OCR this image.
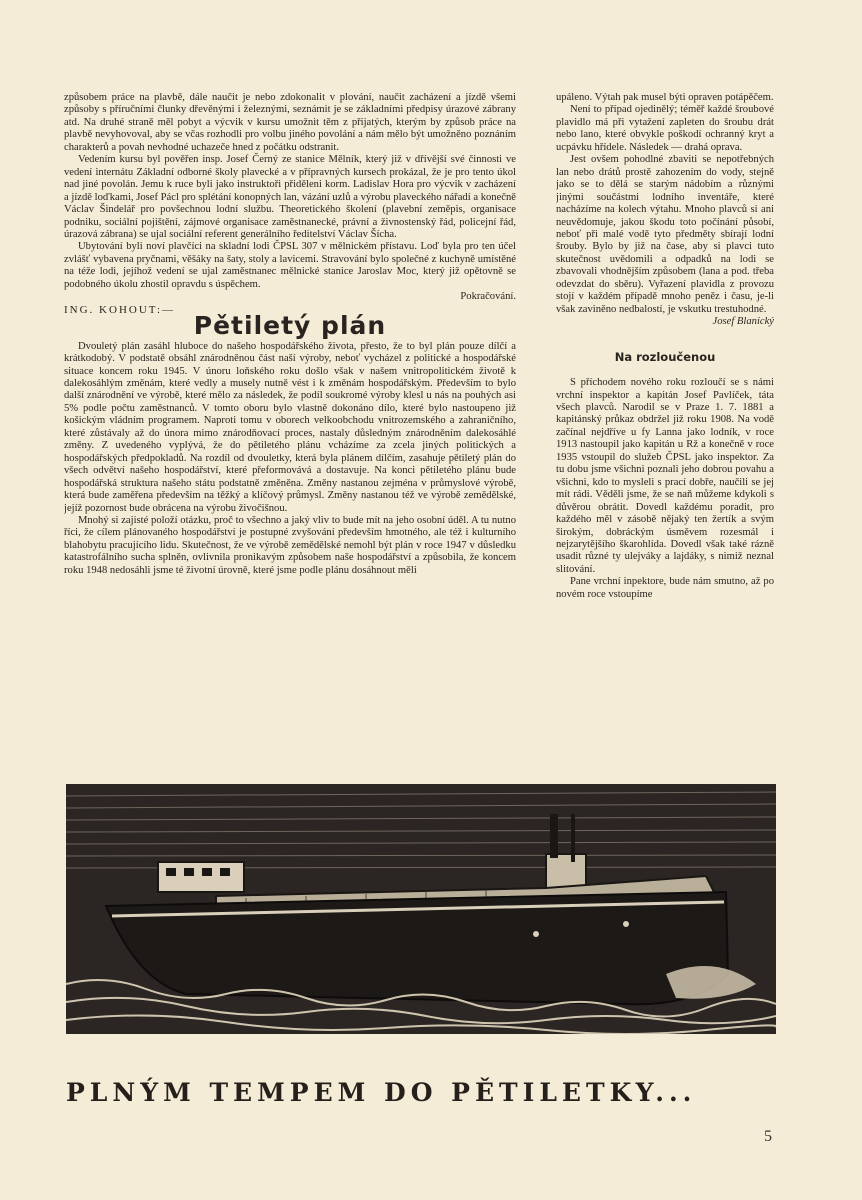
způsobem práce na plavbě, dále naučit je nebo zdokonalit v plování, naučit zacházení a jízdě všemi způsoby s příručními člunky dřevěnými i železnými, seznámit je se základními předpisy úrazové zábrany atd. Na druhé straně měl pobyt a výcvik v kursu umožnit těm z přijatých, kterým by způsob práce na plavbě nevyhovoval, aby se včas rozhodli pro volbu jiného povolání a nám mělo být umožněno poznáním charakterů a povah nevhodné uchazeče hned z počátku odstranit.

Vedením kursu byl pověřen insp. Josef Černý ze stanice Mělník, který již v dřívější své činnosti ve vedení internátu Základní odborné školy plavecké a v přípravných kursech prokázal, že je pro tento úkol nad jiné povolán. Jemu k ruce byli jako instruktoři přiděleni korm. Ladislav Hora pro výcvik v zacházení a jízdě loďkami, Josef Pácl pro splétání konopných lan, vázání uzlů a výrobu plaveckého nářadí a konečně Václav Šindelář pro povšechnou lodní službu. Theoretického školení (plavební zeměpis, organisace podniku, sociální pojištění, zájmové organisace zaměstnanecké, právní a živnostenský řád, policejní řád, úrazová zábrana) se ujal sociální referent generálního ředitelství Václav Šícha.

Ubytování byli noví plavčíci na skladní lodi ČPSL 307 v mělnickém přístavu. Loď byla pro ten účel zvlášť vybavena pryčnami, věšáky na šaty, stoly a lavicemi. Stravování bylo společné z kuchyně umístěné na téže lodi, jejíhož vedení se ujal zaměstnanec mělnické stanice Jaroslav Moc, který již opětovně se podobného úkolu zhostil opravdu s úspěchem.

Pokračování.

ING. KOHOUT:—

Pětiletý plán

Dvouletý plán zasáhl hluboce do našeho hospodářského života, přesto, že to byl plán pouze dílčí a krátkodobý. V podstatě obsáhl znárodněnou část naší výroby, neboť vycházel z politické a hospodářské situace koncem roku 1945. V únoru loňského roku došlo však v našem vnitropolitickém životě k dalekosáhlým změnám, které vedly a musely nutně vést i k změnám hospodářským. Především to bylo další znárodnění ve výrobě, které mělo za následek, že podíl soukromé výroby klesl u nás na pouhých asi 5% podle počtu zaměstnanců. V tomto oboru bylo vlastně dokonáno dílo, které bylo nastoupeno již košickým vládním programem. Naproti tomu v oborech velkoobchodu vnitrozemského a zahraničního, které zůstávaly až do února mimo znárodňovací proces, nastaly důsledným znárodněním dalekosáhlé změny. Z uvedeného vyplývá, že do pětiletého plánu vcházíme za zcela jiných politických a hospodářských předpokladů. Na rozdíl od dvouletky, která byla plánem dílčím, zasahuje pětiletý plán do všech odvětví našeho hospodářství, které přeformovává a dostavuje. Na konci pětiletého plánu bude hospodářská struktura našeho státu podstatně změněna. Změny nastanou zejména v průmyslové výrobě, která bude zaměřena především na těžký a klíčový průmysl. Změny nastanou též ve výrobě zemědělské, jejíž pozornost bude obrácena na výrobu živočišnou.

Mnohý si zajisté položí otázku, proč to všechno a jaký vliv to bude mít na jeho osobní úděl. A tu nutno říci, že cílem plánovaného hospodářství je postupné zvyšování především hmotného, ale též i kulturního blahobytu pracujícího lidu. Skutečnost, že ve výrobě zemědělské nemohl být plán v roce 1947 v důsledku katastrofálního sucha splněn, ovlivnila pronikavým způsobem naše hospodářství a způsobila, že koncem roku 1948 nedosáhli jsme té životní úrovně, které jsme podle plánu dosáhnout měli

upáleno. Výtah pak musel býti opraven potápěčem.

Není to případ ojedinělý; téměř každé šroubové plavidlo má při vytažení zapleten do šroubu drát nebo lano, které obvykle poškodí ochranný kryt a ucpávku hřídele. Následek — drahá oprava.

Jest ovšem pohodlné zbaviti se nepotřebných lan nebo drátů prostě zahozením do vody, stejně jako se to dělá se starým nádobím a různými jinými součástmi lodního inventáře, které nacházíme na kolech výtahu. Mnoho plavců si ani neuvědomuje, jakou škodu toto počínání působí, neboť při malé vodě tyto předměty sbírají lodní šrouby. Bylo by již na čase, aby si plavci tuto skutečnost uvědomili a odpadků na lodi se zbavovali vhodnějším způsobem (lana a pod. třeba odevzdat do sběru). Vyřazení plavidla z provozu stojí v každém případě mnoho peněz i času, je-li však zaviněno nedbalostí, je vskutku trestuhodné.

Josef Blanický

Na rozloučenou

S příchodem nového roku rozloučí se s námi vrchní inspektor a kapitán Josef Pavlíček, táta všech plavců. Narodil se v Praze 1. 7. 1881 a kapitánský průkaz obdržel již roku 1908. Na vodě začínal nejdříve u fy Lanna jako lodník, v roce 1913 nastoupil jako kapitán u Rž a konečně v roce 1935 vstoupil do služeb ČPSL jako inspektor. Za tu dobu jsme všichni poznali jeho dobrou povahu a všichni, kdo to mysleli s prací dobře, naučili se jej mít rádi. Věděli jsme, že se naň můžeme kdykoli s důvěrou obrátit. Dovedl každému poradit, pro každého měl v zásobě nějaký ten žertík a svým širokým, dobráckým úsměvem rozesmál i nejzarytějšího škarohlída. Dovedl však také rázně usadit různé ty ulejváky a lajdáky, s nimiž neznal slitování.

Pane vrchní inpektore, bude nám smutno, až po novém roce vstoupíme

PLNÝM TEMPEM DO PĚTILETKY...
5
